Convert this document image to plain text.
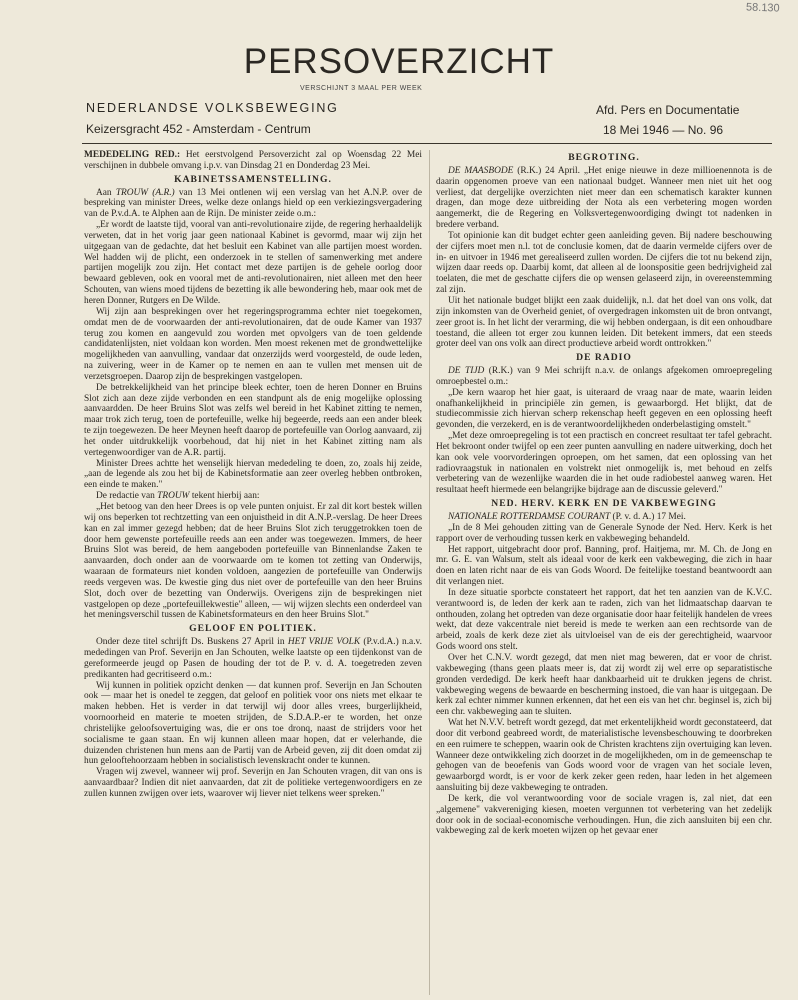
58.130
PERSOVERZICHT
VERSCHIJNT 3 MAAL PER WEEK
NEDERLANDSE VOLKSBEWEGING
Keizersgracht 452 - Amsterdam - Centrum
Afd. Pers en Documentatie
18 Mei 1946 — No. 96

MEDEDELING RED.: Het eerstvolgend Persoverzicht zal op Woensdag 22 Mei verschijnen in dubbele omvang i.p.v. van Dinsdag 21 en Donderdag 23 Mei.

KABINETSSAMENSTELLING.

Aan TROUW (A.R.) van 13 Mei ontlenen wij een verslag van het A.N.P. over de bespreking van minister Drees, welke deze onlangs hield op een verkiezingsvergadering van de P.v.d.A. te Alphen aan de Rijn. De minister zeide o.m.:

„Er wordt de laatste tijd, vooral van anti-revolutionaire zijde, de regering herhaaldelijk verweten, dat in het vorig jaar geen nationaal Kabinet is gevormd, maar wij zijn het uitgegaan van de gedachte, dat het besluit een Kabinet van alle partijen moest worden. Wel hadden wij de plicht, een onderzoek in te stellen of samenwerking met andere partijen mogelijk zou zijn. Het contact met deze partijen is de gehele oorlog door bewaard gebleven, ook en vooral met de anti-revolutionairen, niet alleen met den heer Schouten, van wiens moed tijdens de bezetting ik alle bewondering heb, maar ook met de heren Donner, Rutgers en De Wilde.

Wij zijn aan besprekingen over het regeringsprogramma echter niet toegekomen, omdat men de de voorwaarden der anti-revolutionairen, dat de oude Kamer van 1937 terug zou komen en aangevuld zou worden met opvolgers van de toen geldende candidatenlijsten, niet voldaan kon worden. Men moest rekenen met de grondwettelijke mogelijkheden van aanvulling, vandaar dat onzerzijds werd voorgesteld, de oude leden, na zuivering, weer in de Kamer op te nemen en aan te vullen met mensen uit de verzetsgroepen. Daarop zijn de besprekingen vastgelopen.

De betrekkelijkheid van het principe bleek echter, toen de heren Donner en Bruins Slot zich aan deze zijde verbonden en een standpunt als de enig mogelijke oplossing aanvaardden. De heer Bruins Slot was zelfs wel bereid in het Kabinet zitting te nemen, maar trok zich terug, toen de portefeuille, welke hij begeerde, reeds aan een ander bleek te zijn toegewezen. De heer Meynen heeft daarop de portefeuille van Oorlog aanvaard, zij het onder uitdrukkelijk voorbehoud, dat hij niet in het Kabinet zitting nam als vertegenwoordiger van de A.R. partij.

Minister Drees achtte het wenselijk hiervan mededeling te doen, zo, zoals hij zeide, „aan de legende als zou het bij de Kabinetsformatie aan zeer overleg hebben ontbroken, een einde te maken."

De redactie van TROUW tekent hierbij aan:

„Het betoog van den heer Drees is op vele punten onjuist. Er zal dit kort bestek willen wij ons beperken tot rechtzetting van een onjuistheid in dit A.N.P.-verslag. De heer Drees kan en zal immer gezegd hebben; dat de heer Bruins Slot zich teruggetrokken toen de door hem gewenste portefeuille reeds aan een ander was toegewezen. Immers, de heer Bruins Slot was bereid, de hem aangeboden portefeuille van Binnenlandse Zaken te aanvaarden, doch onder aan de voorwaarde om te komen tot zetting van Onderwijs, waaraan de formateurs niet konden voldoen, aangezien de portefeuille van Onderwijs reeds vergeven was. De kwestie ging dus niet over de portefeuille van den heer Bruins Slot, doch over de bezetting van Onderwijs. Overigens zijn de besprekingen niet vastgelopen op deze „portefeuillekwestie" alleen, — wij wijzen slechts een onderdeel van het meningsverschil tussen de Kabinetsformateurs en den heer Bruins Slot."

GELOOF EN POLITIEK.

Onder deze titel schrijft Ds. Buskens 27 April in HET VRIJE VOLK (P.v.d.A.) n.a.v. mededingen van Prof. Severijn en Jan Schouten, welke laatste op een tijdenkonst van de gereformeerde jeugd op Pasen de houding der tot de P. v. d. A. toegetreden zeven predikanten had gecritiseerd o.m.:

Wij kunnen in politiek opzicht denken — dat kunnen prof. Severijn en Jan Schouten ook — maar het is onedel te zeggen, dat geloof en politiek voor ons niets met elkaar te maken hebben. Het is verder in dat terwijl wij door alles vrees, burgerlijkheid, voornoorheid en materie te moeten strijden, de S.D.A.P.-er te worden, het onze christelijke geloofsovertuiging was, die er ons toe dronq, naast de strijders voor het socialisme te gaan staan. En wij kunnen alleen maar hopen, dat er velerhande, die duizenden christenen hun mens aan de Partij van de Arbeid geven, zij dit doen omdat zij hun gelooftehoorzaam hebben in socialistisch levenskracht onder te kunnen.

Vragen wij zwevel, wanneer wij prof. Severijn en Jan Schouten vragen, dit van ons is aanvaardbaar? Indien dit niet aanvaarden, dat zit de politieke vertegenwoordigers en ze zullen kunnen zwijgen over iets, waarover wij liever niet telkens weer spreken."

BEGROTING.

DE MAASBODE (R.K.) 24 April. „Het enige nieuwe in deze millioenennota is de daarin opgenomen proeve van een nationaal budget. Wanneer men niet uit het oog verliest, dat dergelijke overzichten niet meer dan een schematisch karakter kunnen dragen, dan moge deze uitbreiding der Nota als een verbetering mogen worden aangemerkt, die de Regering en Volksvertegenwoordiging dwingt tot nadenken in bredere verband.

Tot opinionie kan dit budget echter geen aanleiding geven. Bij nadere beschouwing der cijfers moet men n.l. tot de conclusie komen, dat de daarin vermelde cijfers over de in- en uitvoer in 1946 met gerealiseerd zullen worden. De cijfers die tot nu bekend zijn, wijzen daar reeds op. Daarbij komt, dat alleen al de loonspositie geen bedrijvigheid zal toelaten, die met de geschatte cijfers die op wensen gelaseerd zijn, in overeenstemming zal zijn.

Uit het nationale budget blijkt een zaak duidelijk, n.l. dat het doel van ons volk, dat zijn inkomsten van de Overheid geniet, of overgedragen inkomsten uit de bron ontvangt, zeer groot is. In het licht der verarming, die wij hebben ondergaan, is dit een onhoudbare toestand, die alleen tot erger zou kunnen leiden. Dit betekent immers, dat een steeds groter deel van ons volk aan direct productieve arbeid wordt onttrokken."

DE RADIO

DE TIJD (R.K.) van 9 Mei schrijft n.a.v. de onlangs afgekomen omroepregeling omroepbestel o.m.:

„De kern waarop het hier gaat, is uiteraard de vraag naar de mate, waarin leiden onafhankelijkheid in principiële zin gemen, is gewaarborgd. Het blijkt, dat de studiecommissie zich hiervan scherp rekenschap heeft gegeven en een oplossing heeft gevonden, die verzekerd, en is de verantwoordelijkheden onderbelastiging omstelt."

„Met deze omroepregeling is tot een practisch en concreet resultaat ter tafel gebracht. Het bekroont onder twijfel op een zeer punten aanvulling en nadere uitwerking, doch het kan ook vele voorvorderingen oproepen, om het samen, dat een oplossing van het radiovraagstuk in nationalen en volstrekt niet onmogelijk is, met behoud en zelfs verbetering van de wezenlijke waarden die in het oude radiobestel aanweg waren. Het resultaat heeft hiermede een belangrijke bijdrage aan de discussie geleverd."

NED. HERV. KERK EN DE VAKBEWEGING

NATIONALE ROTTERDAMSE COURANT (P. v. d. A.) 17 Mei.

„In de 8 Mei gehouden zitting van de Generale Synode der Ned. Herv. Kerk is het rapport over de verhouding tussen kerk en vakbeweging behandeld.

Het rapport, uitgebracht door prof. Banning, prof. Haitjema, mr. M. Ch. de Jong en mr. G. E. van Walsum, stelt als ideaal voor de kerk een vakbeweging, die zich in haar doen en laten richt naar de eis van Gods Woord. De feitelijke toestand beantwoordt aan dit verlangen niet.

In deze situatie sporbcte constateert het rapport, dat het ten aanzien van de K.V.C. verantwoord is, de leden der kerk aan te raden, zich van het lidmaatschap daarvan te onthouden, zolang het optreden van deze organisatie door haar feitelijk handelen de vrees wekt, dat deze vakcentrale niet bereid is mede te werken aan een rechtsorde van de arbeid, zoals de kerk deze ziet als uitvloeisel van de eis der gerechtigheid, waarvoor Gods woord ons stelt.

Over het C.N.V. wordt gezegd, dat men niet mag beweren, dat er voor de christ. vakbeweging (thans geen plaats meer is, dat zij wordt zij wel erre op separatistische gronden verdedigd. De kerk heeft haar dankbaarheid uit te drukken jegens de christ. vakbeweging wegens de bewaarde en bescherming instoed, die van haar is uitgegaan. De kerk zal echter nimmer kunnen erkennen, dat het een eis van het chr. beginsel is, zich bij een chr. vakbeweging aan te sluiten.

Wat het N.V.V. betreft wordt gezegd, dat met erkentelijkheid wordt geconstateerd, dat door dit verbond geabreed wordt, de materialistische levensbeschouwing te doorbreken en een ruimere te scheppen, waarin ook de Christen krachtens zijn overtuiging kan leven. Wanneer deze ontwikkeling zich doorzet in de mogelijkheden, om in de gemeenschap te gehogen van de beoefenis van Gods woord voor de vragen van het sociale leven, gewaarborgd wordt, is er voor de kerk zeker geen reden, haar leden in het algemeen aansluiting bij deze vakbeweging te ontraden.

De kerk, die vol verantwoording voor de sociale vragen is, zal niet, dat een „algemene" vakvereniging kiesen, moeten vergunnen tot verbetering van het zedelijk door ook in de sociaal-economische verhoudingen. Hun, die zich aansluiten bij een chr. vakbeweging zal de kerk moeten wijzen op het gevaar ener
